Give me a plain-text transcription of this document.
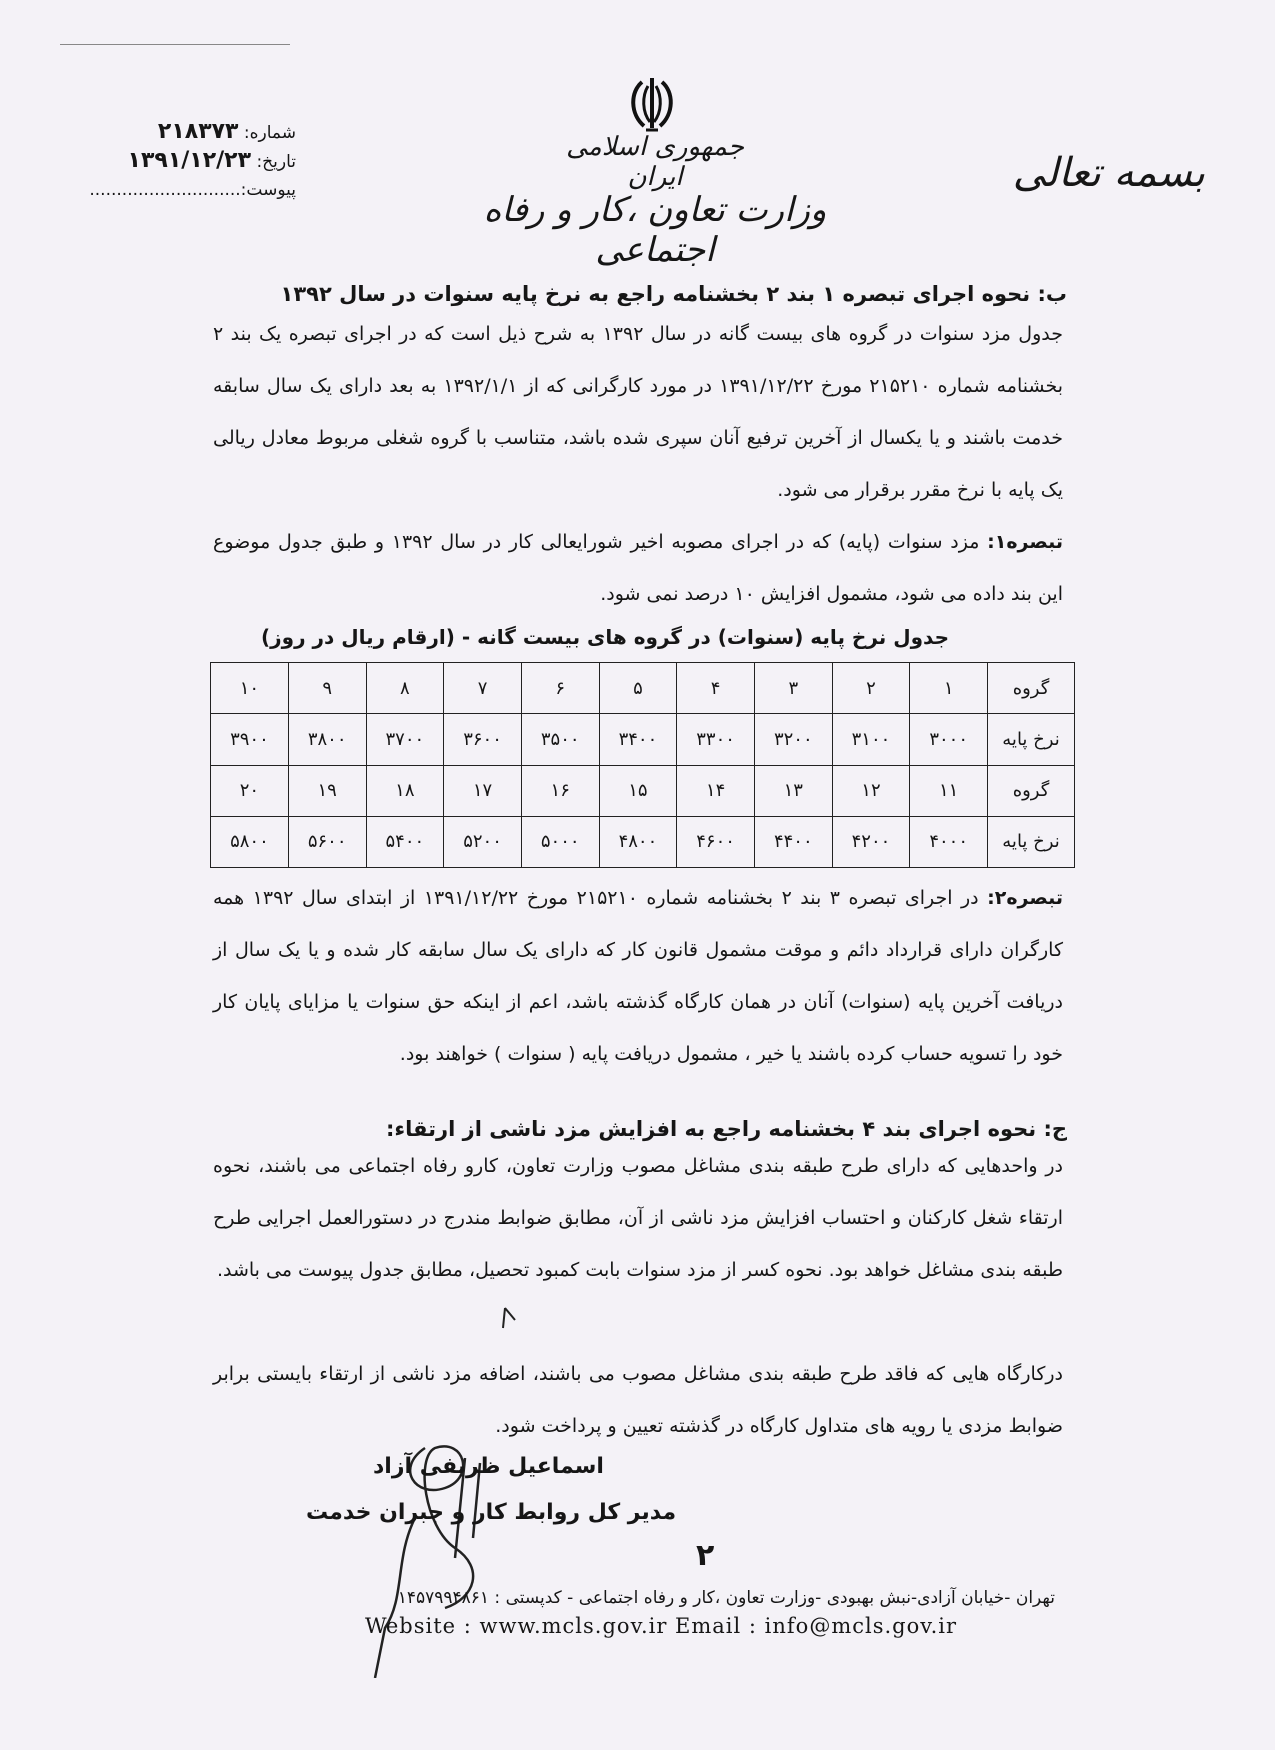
بسمه تعالی
جمهوری اسلامی ایران
وزارت تعاون ،کار و رفاه اجتماعی
شماره: ۲۱۸۳۷۳
تاریخ: ۱۳۹۱/۱۲/۲۳
پیوست:............................
ب: نحوه اجرای تبصره ۱ بند ۲ بخشنامه راجع به نرخ پایه سنوات در سال ۱۳۹۲
جدول مزد سنوات در گروه های بیست گانه در سال ۱۳۹۲ به شرح ذیل است که در اجرای تبصره یک بند ۲ بخشنامه شماره ۲۱۵۲۱۰ مورخ ۱۳۹۱/۱۲/۲۲ در مورد کارگرانی که از ۱۳۹۲/۱/۱ به بعد دارای یک سال سابقه خدمت باشند و یا یکسال از آخرین ترفیع آنان سپری شده باشد، متناسب با گروه شغلی مربوط معادل ریالی یک پایه با نرخ مقرر برقرار می شود.
تبصره۱: مزد سنوات (پایه) که در اجرای مصوبه اخیر شورایعالی کار در سال ۱۳۹۲ و طبق جدول موضوع این بند داده می شود، مشمول افزایش ۱۰ درصد نمی شود.
جدول نرخ پایه (سنوات) در گروه های بیست گانه - (ارقام ریال در روز)
گروه	۱	۲	۳	۴	۵	۶	۷	۸	۹	۱۰
نرخ پایه	۳۰۰۰	۳۱۰۰	۳۲۰۰	۳۳۰۰	۳۴۰۰	۳۵۰۰	۳۶۰۰	۳۷۰۰	۳۸۰۰	۳۹۰۰
گروه	۱۱	۱۲	۱۳	۱۴	۱۵	۱۶	۱۷	۱۸	۱۹	۲۰
نرخ پایه	۴۰۰۰	۴۲۰۰	۴۴۰۰	۴۶۰۰	۴۸۰۰	۵۰۰۰	۵۲۰۰	۵۴۰۰	۵۶۰۰	۵۸۰۰
تبصره۲: در اجرای تبصره ۳ بند ۲ بخشنامه شماره ۲۱۵۲۱۰ مورخ ۱۳۹۱/۱۲/۲۲ از ابتدای سال ۱۳۹۲ همه کارگران دارای قرارداد دائم و موقت مشمول قانون کار که دارای یک سال سابقه کار شده و یا یک سال از دریافت آخرین پایه (سنوات) آنان در همان کارگاه گذشته باشد، اعم از اینکه حق سنوات یا مزایای پایان کار خود را تسویه حساب کرده باشند یا خیر ، مشمول دریافت پایه ( سنوات ) خواهند بود.
ج: نحوه اجرای بند ۴ بخشنامه راجع به افزایش مزد ناشی از ارتقاء:
در واحدهایی که دارای طرح طبقه بندی مشاغل مصوب وزارت تعاون، کارو رفاه اجتماعی می باشند، نحوه ارتقاء شغل کارکنان و احتساب افزایش مزد ناشی از آن، مطابق ضوابط مندرج در دستورالعمل اجرایی طرح طبقه بندی مشاغل خواهد بود. نحوه کسر از مزد سنوات بابت کمبود تحصیل، مطابق جدول پیوست می باشد.
درکارگاه هایی که فاقد طرح طبقه بندی مشاغل مصوب می باشند، اضافه مزد ناشی از ارتقاء بایستی برابر ضوابط مزدی یا رویه های متداول کارگاه در گذشته تعیین و پرداخت شود.
اسماعیل ظریفی آزاد
مدیر کل روابط کار و جبران خدمت
۲
تهران -خیابان آزادی-نبش بهبودی -وزارت تعاون ،کار و رفاه اجتماعی - کدپستی : ۱۴۵۷۹۹۴۸۶۱
Website : www.mcls.gov.ir Email : info@mcls.gov.ir
